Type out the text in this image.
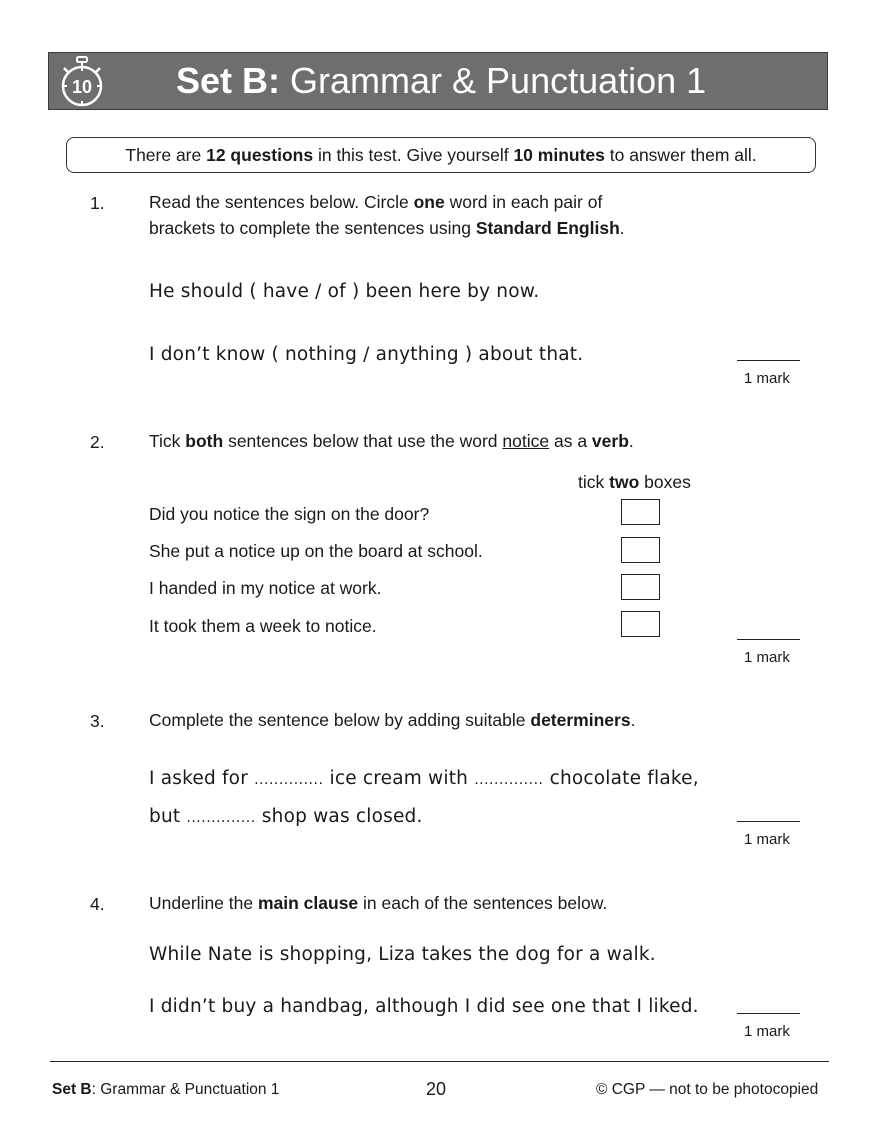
10 Set B: Grammar & Punctuation 1
There are 12 questions in this test. Give yourself 10 minutes to answer them all.
1.	Read the sentences below. Circle one word in each pair of
brackets to complete the sentences using Standard English.
He should ( have / of ) been here by now.
I don’t know ( nothing / anything ) about that.
1 mark
2.	Tick both sentences below that use the word notice as a verb.
tick two boxes
Did you notice the sign on the door?
She put a notice up on the board at school.
I handed in my notice at work.
It took them a week to notice.
1 mark
3.	Complete the sentence below by adding suitable determiners.
I asked for .............. ice cream with .............. chocolate flake,
but .............. shop was closed.
1 mark
4.	Underline the main clause in each of the sentences below.
While Nate is shopping, Liza takes the dog for a walk.
I didn’t buy a handbag, although I did see one that I liked.
1 mark
Set B: Grammar & Punctuation 1	20	© CGP — not to be photocopied
